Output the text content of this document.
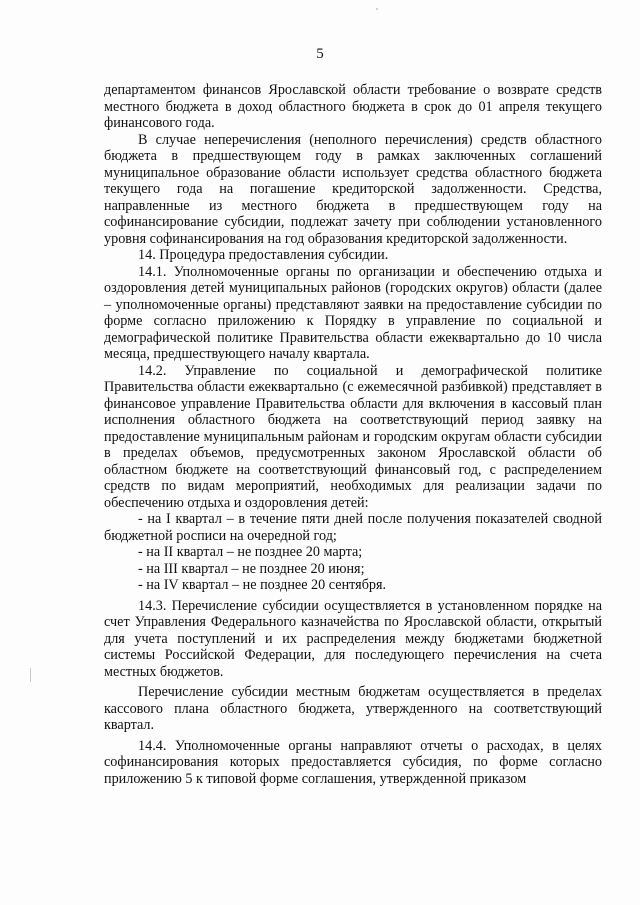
5

департаментом финансов Ярославской области требование о возврате средств местного бюджета в доход областного бюджета в срок до 01 апреля текущего финансового года.

В случае неперечисления (неполного перечисления) средств областного бюджета в предшествующем году в рамках заключенных соглашений муниципальное образование области использует средства областного бюджета текущего года на погашение кредиторской задолженности. Средства, направленные из местного бюджета в предшествующем году на софинансирование субсидии, подлежат зачету при соблюдении установленного уровня софинансирования на год образования кредиторской задолженности.

14. Процедура предоставления субсидии.

14.1. Уполномоченные органы по организации и обеспечению отдыха и оздоровления детей муниципальных районов (городских округов) области (далее – уполномоченные органы) представляют заявки на предоставление субсидии по форме согласно приложению к Порядку в управление по социальной и демографической политике Правительства области ежеквартально до 10 числа месяца, предшествующего началу квартала.

14.2. Управление по социальной и демографической политике Правительства области ежеквартально (с ежемесячной разбивкой) представляет в финансовое управление Правительства области для включения в кассовый план исполнения областного бюджета на соответствующий период заявку на предоставление муниципальным районам и городским округам области субсидии в пределах объемов, предусмотренных законом Ярославской области об областном бюджете на соответствующий финансовый год, с распределением средств по видам мероприятий, необходимых для реализации задачи по обеспечению отдыха и оздоровления детей:

- на I квартал – в течение пяти дней после получения показателей сводной бюджетной росписи на очередной год;

- на II квартал – не позднее 20 марта;

- на III квартал – не позднее 20 июня;

- на IV квартал – не позднее 20 сентября.

14.3. Перечисление субсидии осуществляется в установленном порядке на счет Управления Федерального казначейства по Ярославской области, открытый для учета поступлений и их распределения между бюджетами бюджетной системы Российской Федерации, для последующего перечисления на счета местных бюджетов.

Перечисление субсидии местным бюджетам осуществляется в пределах кассового плана областного бюджета, утвержденного на соответствующий квартал.

14.4. Уполномоченные органы направляют отчеты о расходах, в целях софинансирования которых предоставляется субсидия, по форме согласно приложению 5 к типовой форме соглашения, утвержденной приказом
